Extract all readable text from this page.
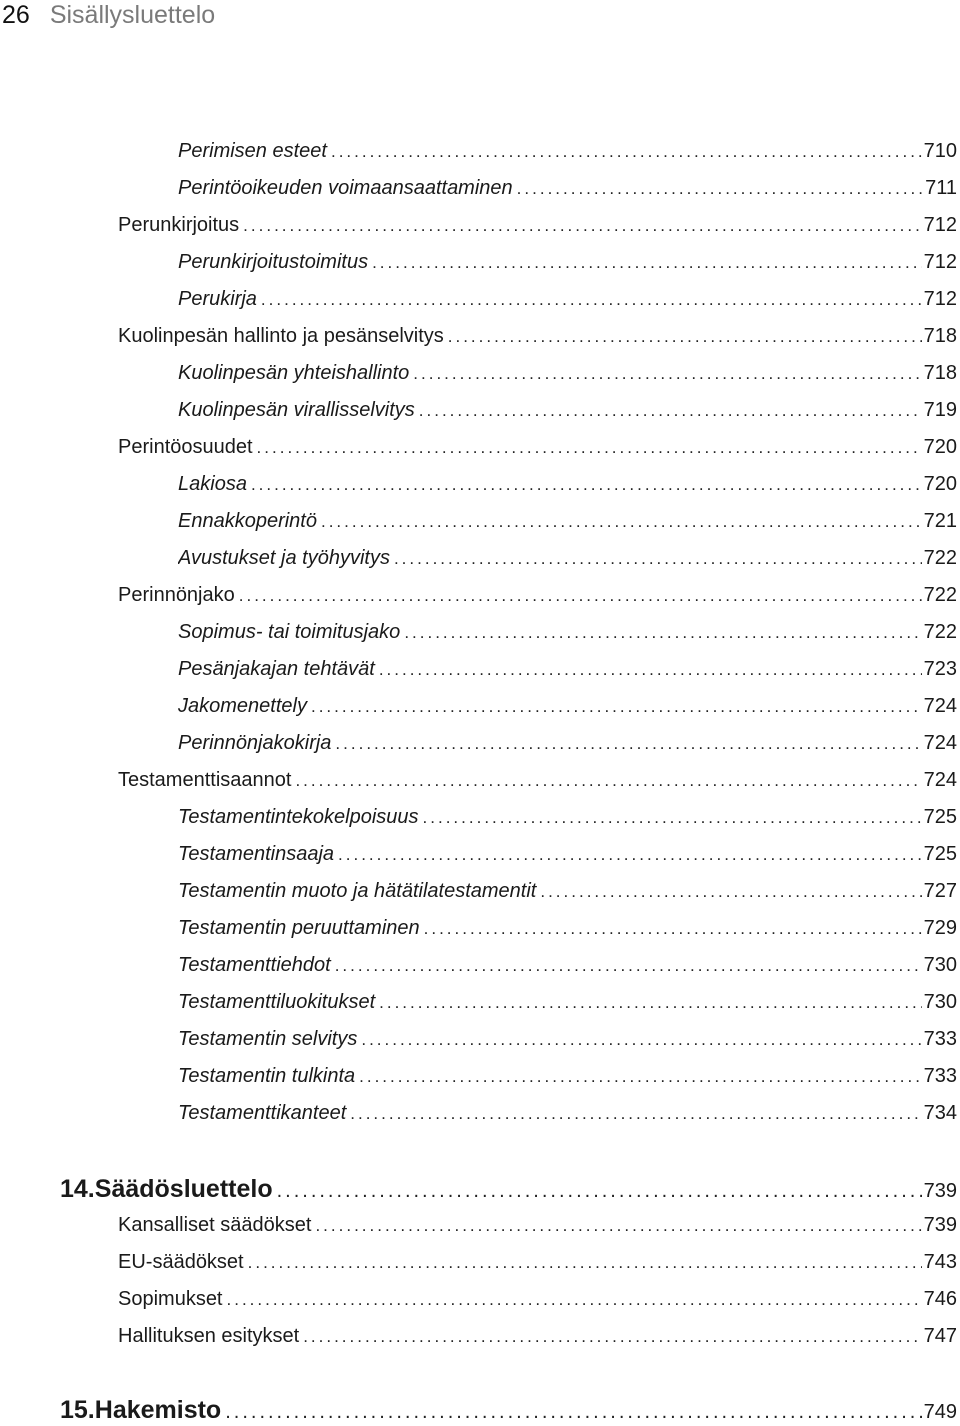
26 Sisällysluettelo
Perimisen esteet .....	710
Perintöoikeuden voimaansaattaminen .....	711
Perunkirjoitus .....	712
Perunkirjoitustoimitus .....	712
Perukirja .....	712
Kuolinpesän hallinto ja pesänselvitys .....	718
Kuolinpesän yhteishallinto .....	718
Kuolinpesän virallisselvitys .....	719
Perintöosuudet .....	720
Lakiosa .....	720
Ennakkoperintö .....	721
Avustukset ja työhyvitys .....	722
Perinnönjako .....	722
Sopimus- tai toimitusjako .....	722
Pesänjakajan tehtävät .....	723
Jakomenettely .....	724
Perinnönjakokirja .....	724
Testamenttisaannot .....	724
Testamentintekokelpoisuus .....	725
Testamentinsaaja .....	725
Testamentin muoto ja hätätilatestamentit .....	727
Testamentin peruuttaminen .....	729
Testamenttiehdot .....	730
Testamenttiluokitukset .....	730
Testamentin selvitys .....	733
Testamentin tulkinta .....	733
Testamenttikanteet .....	734
14. Säädösluettelo .....	739
Kansalliset säädökset .....	739
EU-säädökset .....	743
Sopimukset .....	746
Hallituksen esitykset .....	747
15. Hakemisto .....	749
